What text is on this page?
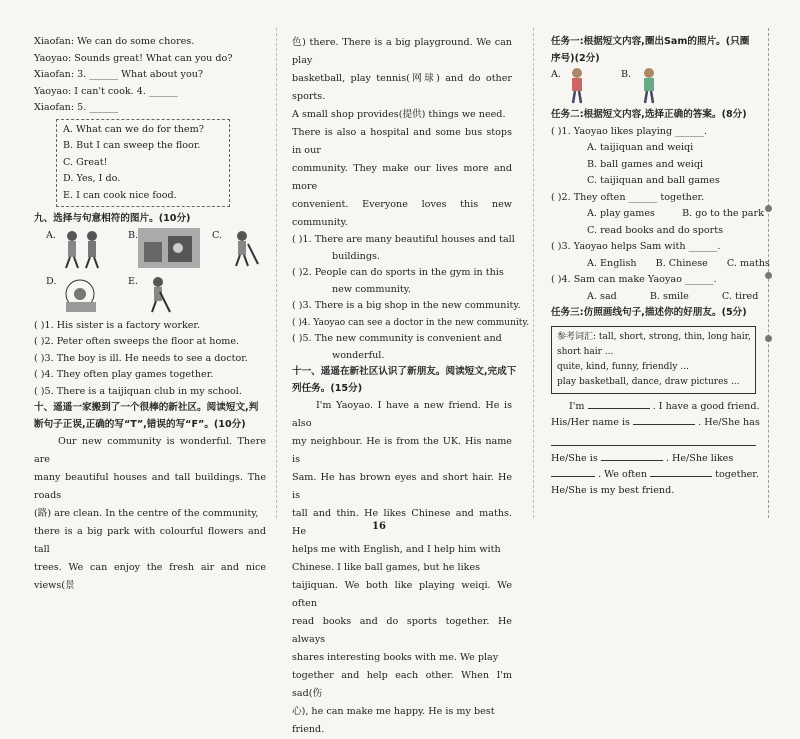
Xiaofan: We can do some chores.
Yaoyao: Sounds great! What can you do?
Xiaofan: 3. ______ What about you?
Yaoyao: I can't cook. 4. ______
Xiaofan: 5. ______
A. What can we do for them?
B. But I can sweep the floor.
C. Great!
D. Yes, I do.
E. I can cook nice food.
九、选择与句意相符的图片。(10分)
A.	B.	C.
D.	E.
( )1. His sister is a factory worker.
( )2. Peter often sweeps the floor at home.
( )3. The boy is ill. He needs to see a doctor.
( )4. They often play games together.
( )5. There is a taijiquan club in my school.
十、遥遥一家搬到了一个很棒的新社区。阅读短文,判
断句子正误,正确的写“T”,错误的写“F”。(10分)
Our new community is wonderful. There are
many beautiful houses and tall buildings. The roads
(路) are clean. In the centre of the community,
there is a big park with colourful flowers and tall
trees. We can enjoy the fresh air and nice views(景
色) there. There is a big playground. We can play
basketball, play tennis(网球) and do other sports.
A small shop provides(提供) things we need.
There is also a hospital and some bus stops in our
community. They make our lives more and more
convenient. Everyone loves this new community.
( )1. There are many beautiful houses and tall
buildings.
( )2. People can do sports in the gym in this
new community.
( )3. There is a big shop in the new community.
( )4. Yaoyao can see a doctor in the new community.
( )5. The new community is convenient and
wonderful.
十一、遥遥在新社区认识了新朋友。阅读短文,完成下
列任务。(15分)
I'm Yaoyao. I have a new friend. He is also
my neighbour. He is from the UK. His name is
Sam. He has brown eyes and short hair. He is
tall and thin. He likes Chinese and maths. He
helps me with English, and I help him with
Chinese. I like ball games, but he likes
taijiquan. We both like playing weiqi. We often
read books and do sports together. He always
shares interesting books with me. We play
together and help each other. When I'm sad(伤
心), he can make me happy. He is my best
friend.
16
任务一:根据短文内容,圈出Sam的照片。(只圈
序号)(2分)
A.	B.
任务二:根据短文内容,选择正确的答案。(8分)
( )1. Yaoyao likes playing ______.
A. taijiquan and weiqi
B. ball games and weiqi
C. taijiquan and ball games
( )2. They often ______ together.
A. play games	B. go to the park
C. read books and do sports
( )3. Yaoyao helps Sam with ______.
A. English B. Chinese C. maths
( )4. Sam can make Yaoyao ______.
A. sad	B. smile	C. tired
任务三:仿照画线句子,描述你的好朋友。(5分)
参考词汇: tall, short, strong, thin, long hair,
short hair ...
quite, kind, funny, friendly ...
play basketball, dance, draw pictures ...
I'm	. I have a good friend.
His/Her name is	. He/She has
He/She is	. He/She likes
. We often	together.
He/She is my best friend.
